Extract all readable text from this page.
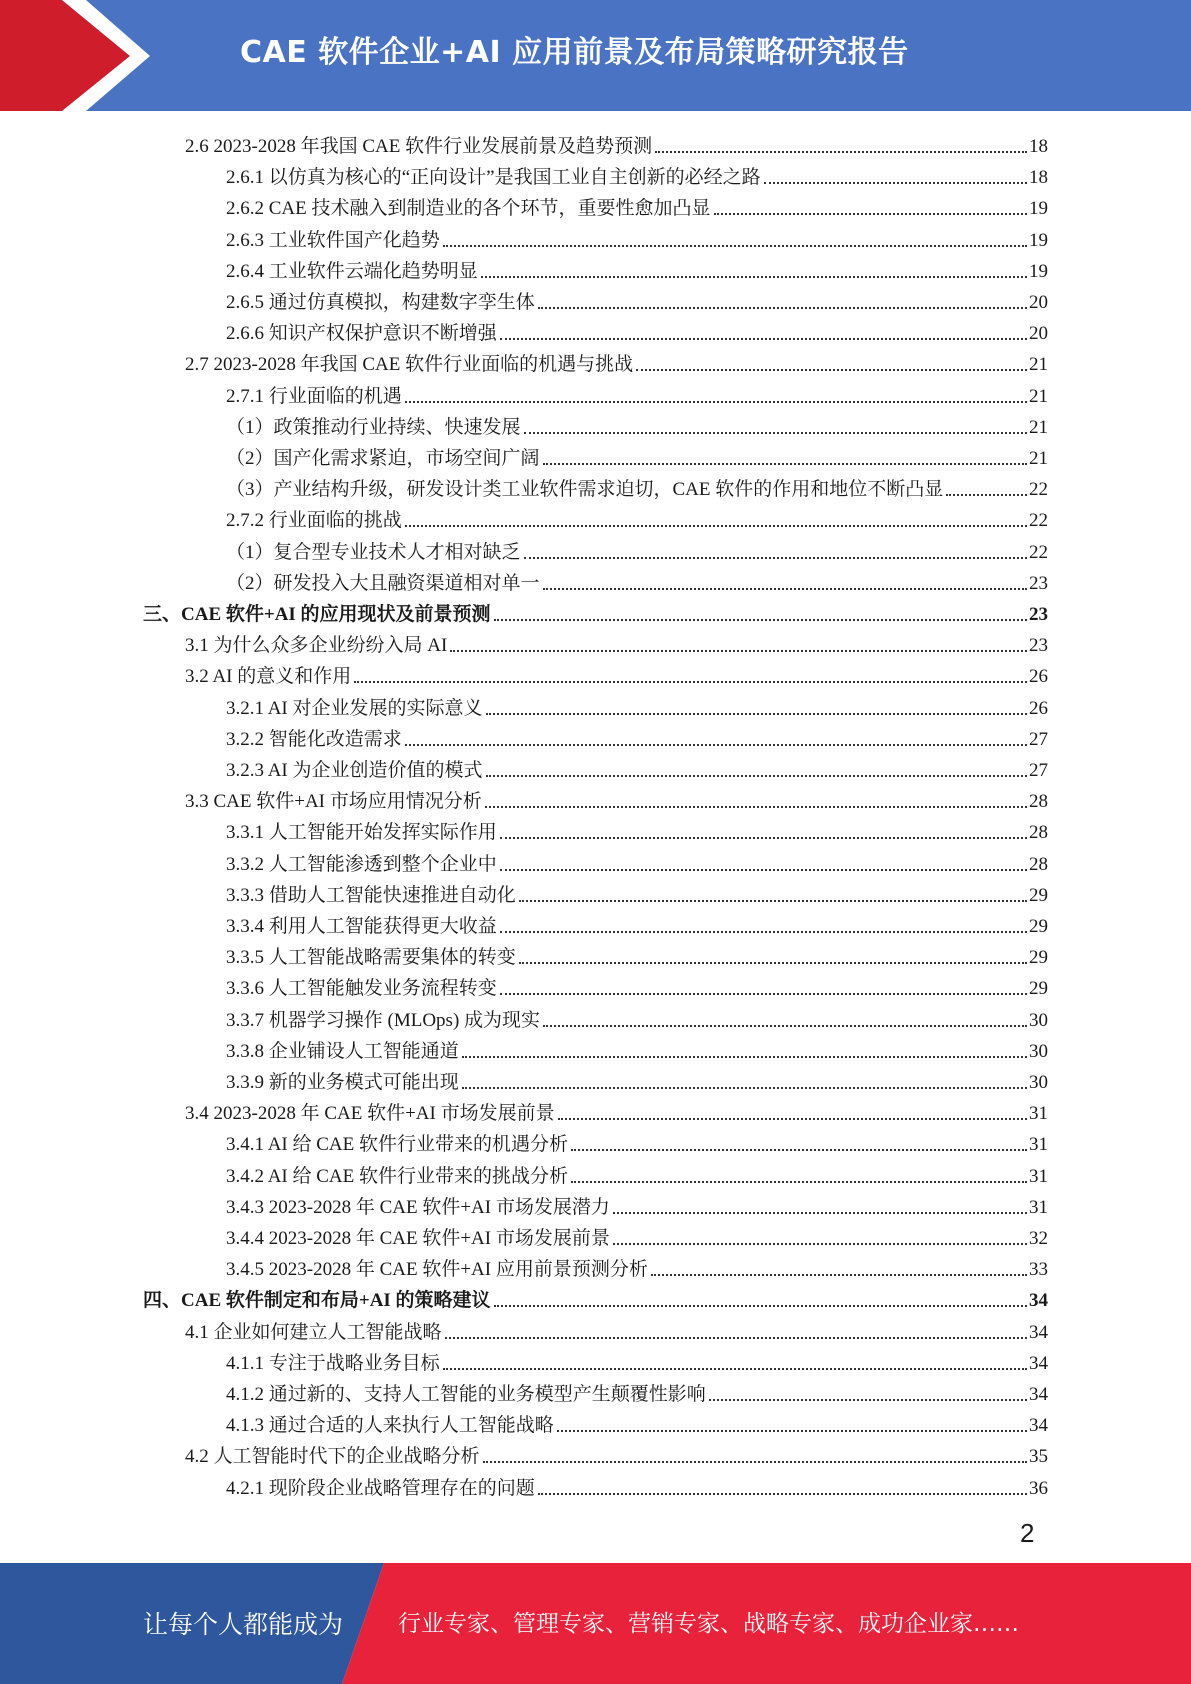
CAE 软件企业+AI 应用前景及布局策略研究报告
2.6 2023-2028 年我国 CAE 软件行业发展前景及趋势预测	18
2.6.1 以仿真为核心的“正向设计”是我国工业自主创新的必经之路	18
2.6.2 CAE 技术融入到制造业的各个环节，重要性愈加凸显	19
2.6.3 工业软件国产化趋势	19
2.6.4 工业软件云端化趋势明显	19
2.6.5 通过仿真模拟，构建数字孪生体	20
2.6.6 知识产权保护意识不断增强	20
2.7 2023-2028 年我国 CAE 软件行业面临的机遇与挑战	21
2.7.1 行业面临的机遇	21
（1）政策推动行业持续、快速发展	21
（2）国产化需求紧迫，市场空间广阔	21
（3）产业结构升级，研发设计类工业软件需求迫切，CAE 软件的作用和地位不断凸显	22
2.7.2 行业面临的挑战	22
（1）复合型专业技术人才相对缺乏	22
（2）研发投入大且融资渠道相对单一	23
三、CAE 软件+AI 的应用现状及前景预测	23
3.1 为什么众多企业纷纷入局 AI	23
3.2 AI 的意义和作用	26
3.2.1 AI 对企业发展的实际意义	26
3.2.2 智能化改造需求	27
3.2.3 AI 为企业创造价值的模式	27
3.3 CAE 软件+AI 市场应用情况分析	28
3.3.1 人工智能开始发挥实际作用	28
3.3.2 人工智能渗透到整个企业中	28
3.3.3 借助人工智能快速推进自动化	29
3.3.4 利用人工智能获得更大收益	29
3.3.5 人工智能战略需要集体的转变	29
3.3.6 人工智能触发业务流程转变	29
3.3.7 机器学习操作 (MLOps) 成为现实	30
3.3.8 企业铺设人工智能通道	30
3.3.9 新的业务模式可能出现	30
3.4 2023-2028 年 CAE 软件+AI 市场发展前景	31
3.4.1 AI 给 CAE 软件行业带来的机遇分析	31
3.4.2 AI 给 CAE 软件行业带来的挑战分析	31
3.4.3 2023-2028 年 CAE 软件+AI 市场发展潜力	31
3.4.4 2023-2028 年 CAE 软件+AI 市场发展前景	32
3.4.5 2023-2028 年 CAE 软件+AI 应用前景预测分析	33
四、CAE 软件制定和布局+AI 的策略建议	34
4.1 企业如何建立人工智能战略	34
4.1.1 专注于战略业务目标	34
4.1.2 通过新的、支持人工智能的业务模型产生颠覆性影响	34
4.1.3 通过合适的人来执行人工智能战略	34
4.2 人工智能时代下的企业战略分析	35
4.2.1 现阶段企业战略管理存在的问题	36
2
让每个人都能成为 行业专家、管理专家、营销专家、战略专家、成功企业家……
